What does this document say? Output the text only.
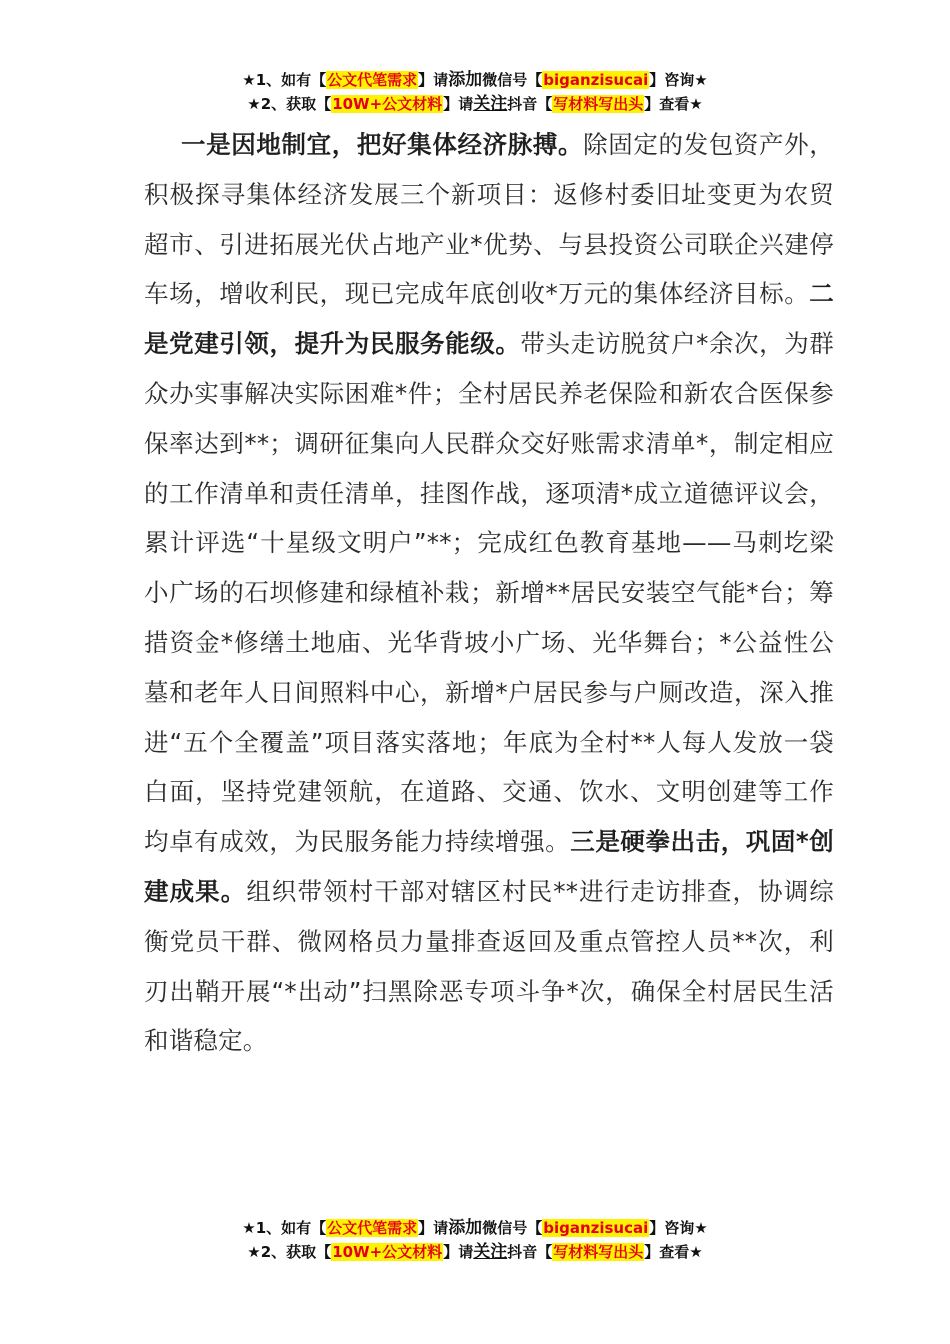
★1、如有【公文代笔需求】请添加微信号【biganzisucai】咨询★
★2、获取【10W+公文材料】请关注抖音【写材料写出头】查看★
一是因地制宜，把好集体经济脉搏。除固定的发包资产外，积极探寻集体经济发展三个新项目：返修村委旧址变更为农贸超市、引进拓展光伏占地产业*优势、与县投资公司联企兴建停车场，增收利民，现已完成年底创收*万元的集体经济目标。二是党建引领，提升为民服务能级。带头走访脱贫户*余次，为群众办实事解决实际困难*件；全村居民养老保险和新农合医保参保率达到**；调研征集向人民群众交好账需求清单*，制定相应的工作清单和责任清单，挂图作战，逐项清*成立道德评议会，累计评选“十星级文明户”**；完成红色教育基地——马刺圪梁小广场的石坝修建和绿植补栽；新增**居民安装空气能*台；筹措资金*修缮土地庙、光华背坡小广场、光华舞台；*公益性公墓和老年人日间照料中心，新增*户居民参与户厕改造，深入推进“五个全覆盖”项目落实落地；年底为全村**人每人发放一袋白面，坚持党建领航，在道路、交通、饮水、文明创建等工作均卓有成效，为民服务能力持续增强。三是硬拳出击，巩固*创建成果。组织带领村干部对辖区村民**进行走访排查，协调综衡党员干群、微网格员力量排查返回及重点管控人员**次，利刃出鞘开展“*出动”扫黑除恶专项斗争*次，确保全村居民生活和谐稳定。
★1、如有【公文代笔需求】请添加微信号【biganzisucai】咨询★
★2、获取【10W+公文材料】请关注抖音【写材料写出头】查看★
